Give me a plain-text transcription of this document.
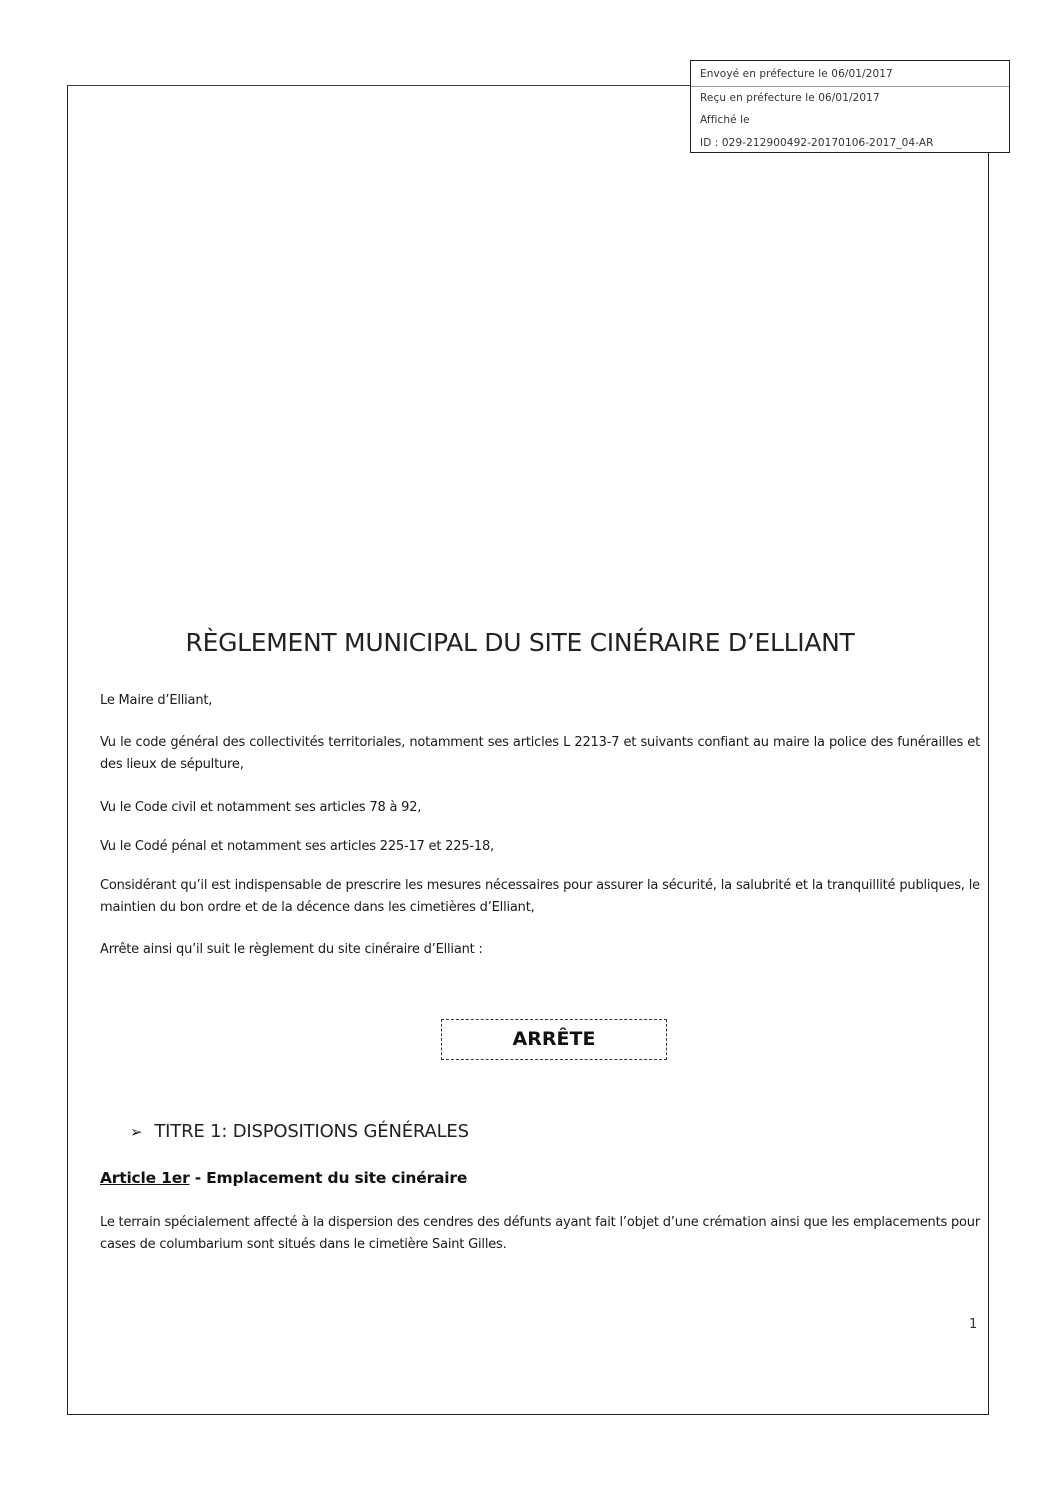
Envoyé en préfecture le 06/01/2017
Reçu en préfecture le 06/01/2017
Affiché le
ID : 029-212900492-20170106-2017_04-AR
RÈGLEMENT MUNICIPAL DU SITE CINÉRAIRE D’ELLIANT
Le Maire d’Elliant,
Vu le code général des collectivités territoriales, notamment ses articles L 2213-7 et suivants confiant au maire la police des funérailles et des lieux de sépulture,
Vu le Code civil et notamment ses articles 78 à 92,
Vu le Codé pénal et notamment ses articles 225-17 et 225-18,
Considérant qu’il est indispensable de prescrire les mesures nécessaires pour assurer la sécurité, la salubrité et la tranquillité publiques, le maintien du bon ordre et de la décence dans les cimetières d’Elliant,
Arrête ainsi qu’il suit le règlement du site cinéraire d’Elliant :
ARRÊTE
➢ TITRE 1: DISPOSITIONS GÉNÉRALES
Article 1er - Emplacement du site cinéraire
Le terrain spécialement affecté à la dispersion des cendres des défunts ayant fait l’objet d’une crémation ainsi que les emplacements pour cases de columbarium sont situés dans le cimetière Saint Gilles.
1
